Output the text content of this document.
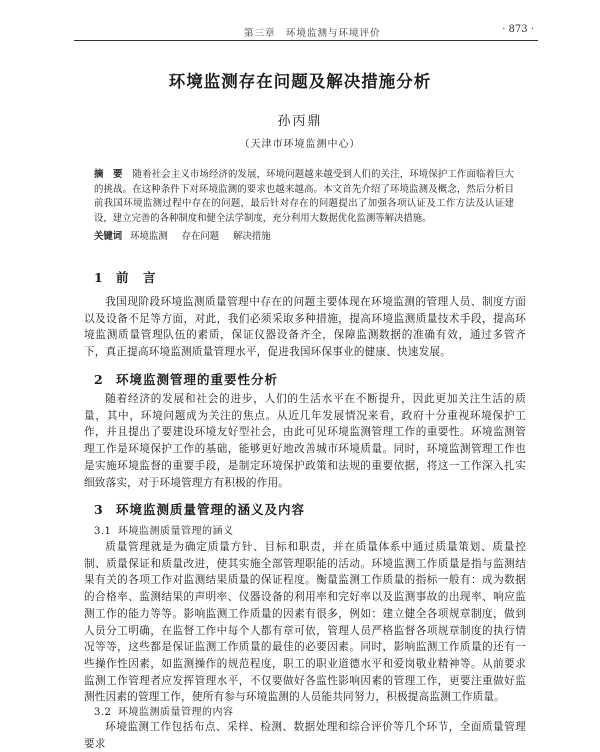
第三章　环境监测与环境评价	· 873 ·
环境监测存在问题及解决措施分析
孙丙鼎
（天津市环境监测中心）
摘　要 随着社会主义市场经济的发展，环境问题越来越受到人们的关注，环境保护工作面临着巨大的挑战。在这种条件下对环境监测的要求也越来越高。本文首先介绍了环境监测及概念，然后分析目前我国环境监测过程中存在的问题，最后针对存在的问题提出了加强各项认证及工作方法及认证建设，建立完善的各种制度和健全法学制度，充分利用大数据优化监测等解决措施。
关键词 环境监测 存在问题 解决措施
1 前　言
我国现阶段环境监测质量管理中存在的问题主要体现在环境监测的管理人员、制度方面以及设备不足等方面，对此，我们必须采取多种措施，提高环境监测质量技术手段，提高环境监测质量管理队伍的素质，保证仪器设备齐全，保障监测数据的准确有效，通过多管齐下，真正提高环境监测质量管理水平，促进我国环保事业的健康、快速发展。
2 环境监测管理的重要性分析
随着经济的发展和社会的进步，人们的生活水平在不断提升，因此更加关注生活的质量，其中，环境问题成为关注的焦点。从近几年发展情况来看，政府十分重视环境保护工作，并且提出了要建设环境友好型社会，由此可见环境监测管理工作的重要性。环境监测管理工作是环境保护工作的基础，能够更好地改善城市环境质量。同时，环境监测管理工作也是实施环境监督的重要手段，是制定环境保护政策和法规的重要依据，将这一工作深入扎实细致落实，对于环境管理方有积极的作用。
3 环境监测质量管理的涵义及内容
3.1 环境监测质量管理的涵义
质量管理就是为确定质量方针、目标和职责，并在质量体系中通过质量策划、质量控制、质量保证和质量改进，使其实施全部管理职能的活动。环境监测工作质量是指与监测结果有关的各项工作对监测结果质量的保证程度。衡量监测工作质量的指标一般有：成为数据的合格率、监测结果的声明率、仪器设备的利用率和完好率以及监测事故的出现率、响应监测工作的能力等等。影响监测工作质量的因素有很多，例如：建立健全各项规章制度，做到人员分工明确，在监督工作中每个人都有章可依，管理人员严格监督各项规章制度的执行情况等等，这些都是保证监测工作质量的最佳的必要因素。同时，影响监测工作质量的还有一些操作性因素，如监测操作的规范程度，职工的职业道德水平和爱岗敬业精神等。从前要求监测工作管理者应发挥管理水平，不仅要做好各监性影响因素的管理工作，更要注重做好监测性因素的管理工作，使所有参与环境监测的人员能共同努力，积极提高监测工作质量。
3.2 环境监测质量管理的内容
环境监测工作包括布点、采样、检测、数据处理和综合评价等几个环节，全面质量管理要求
